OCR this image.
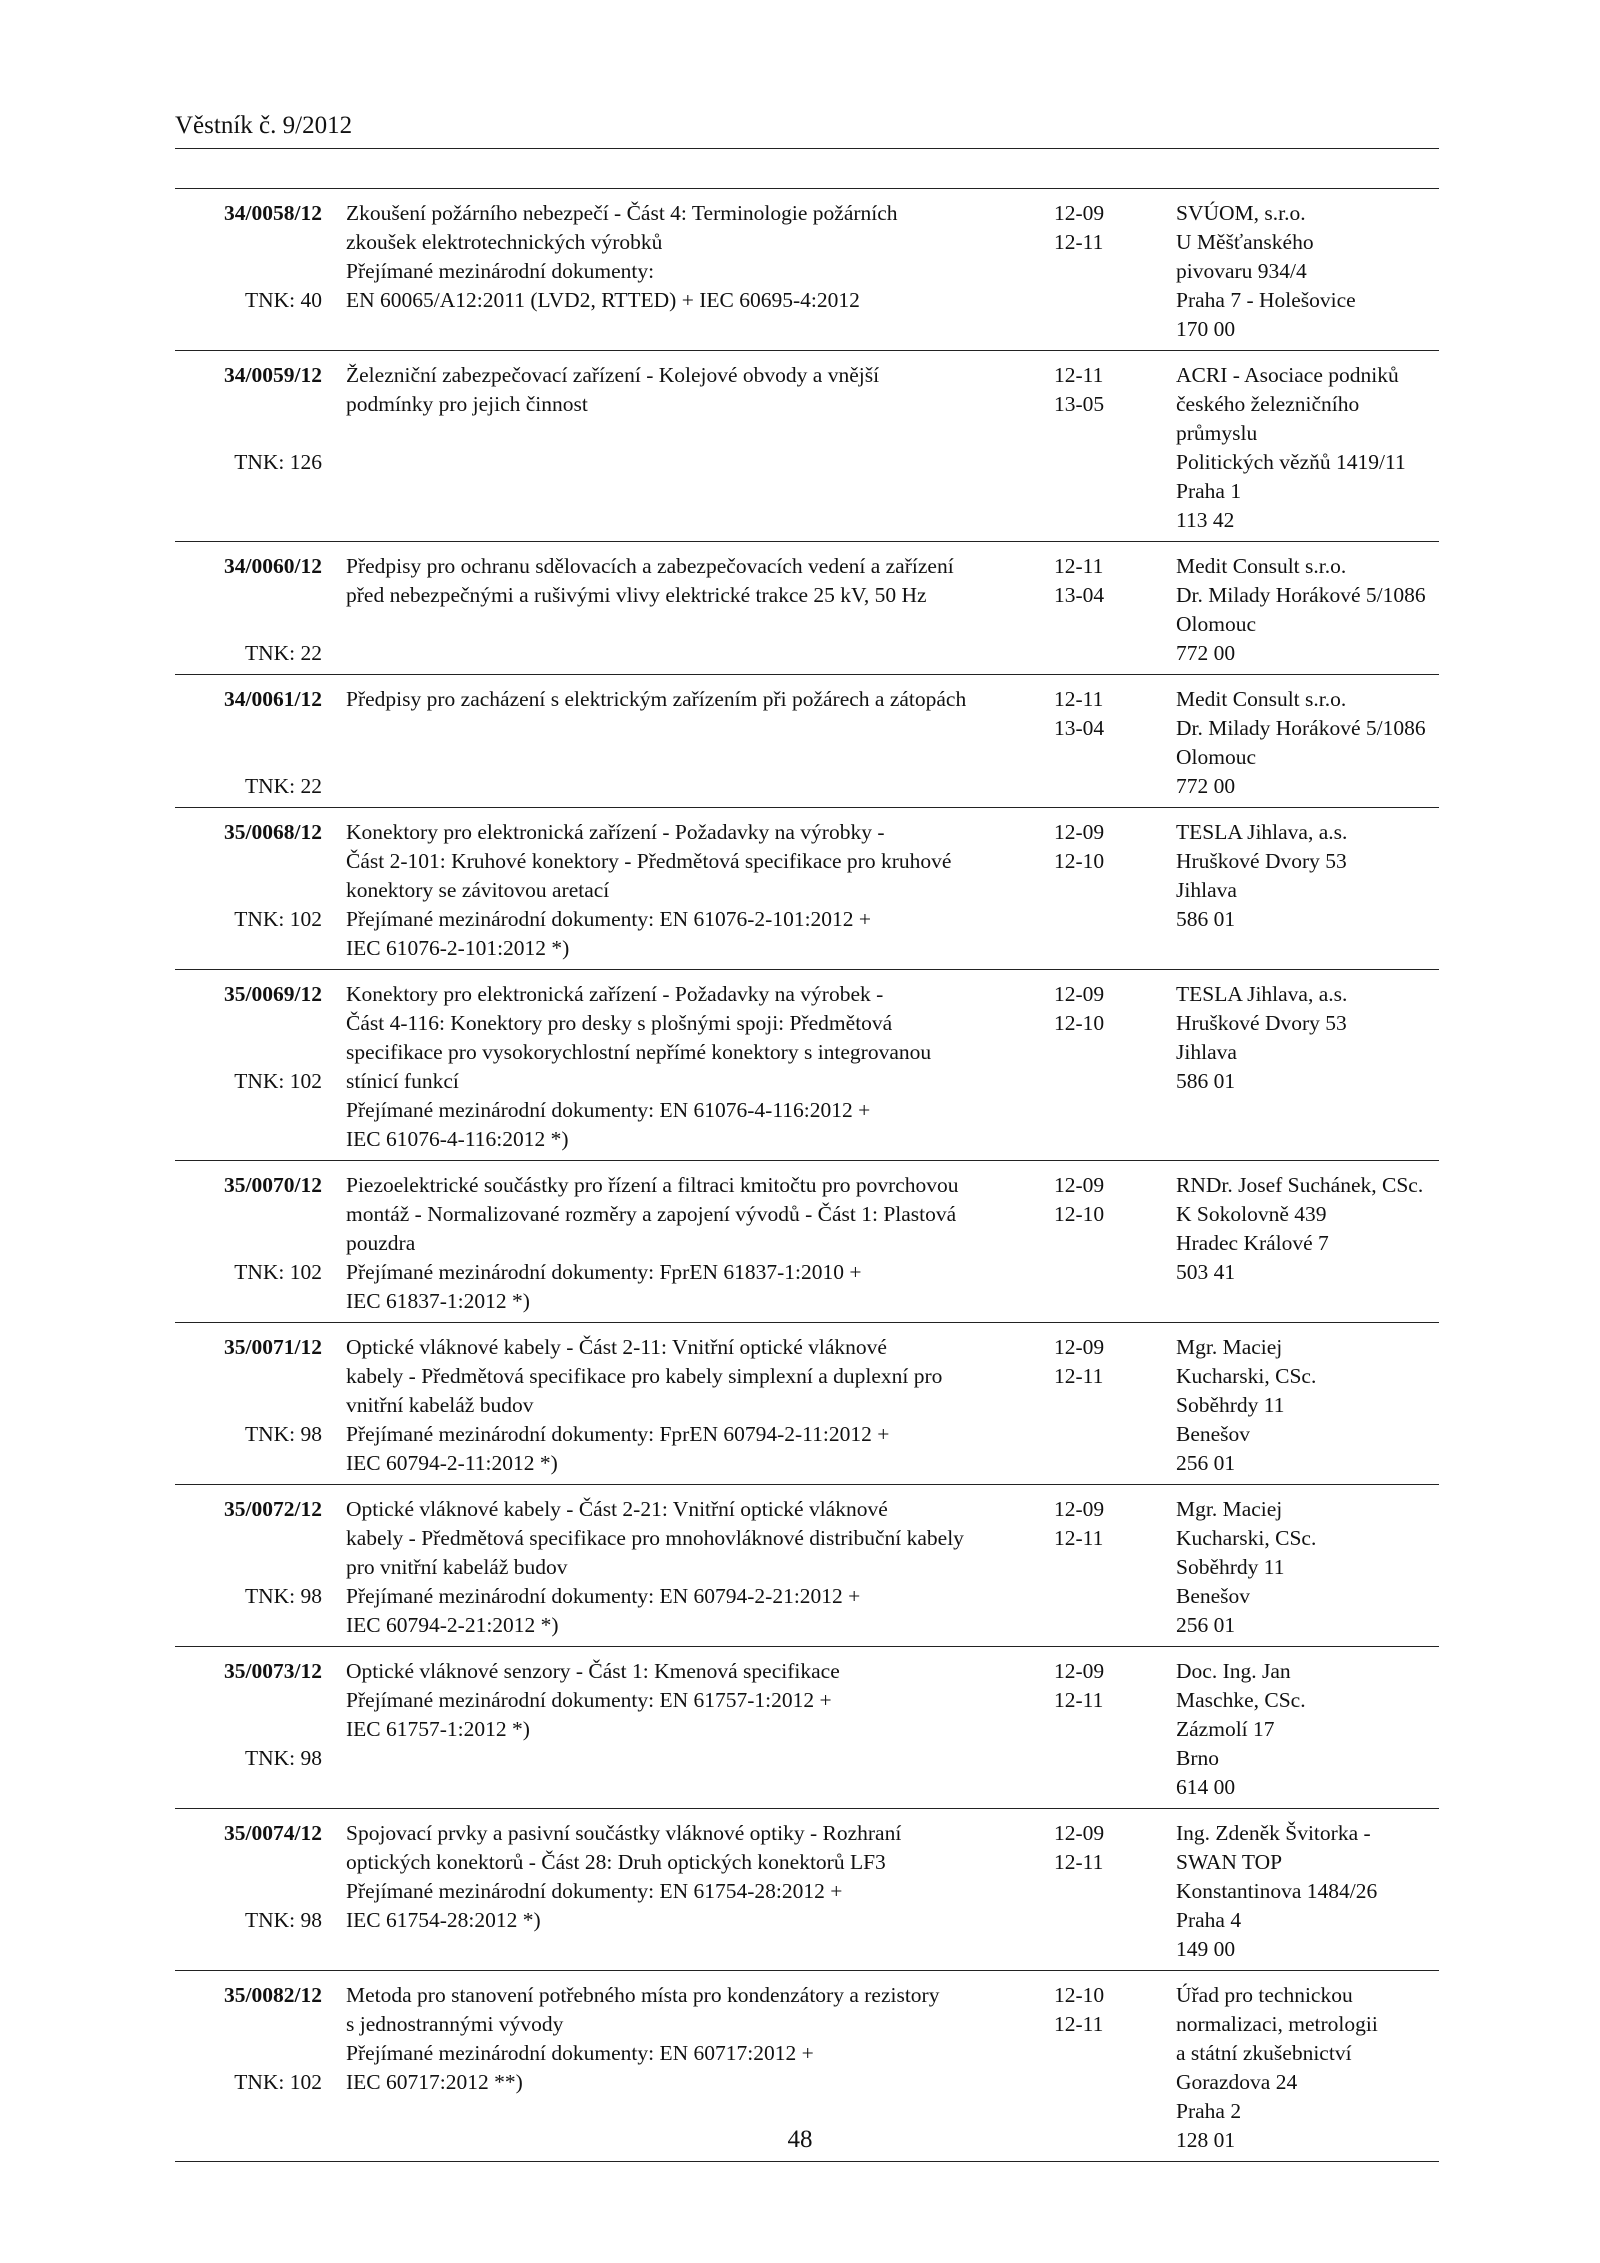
Věstník č. 9/2012
34/0058/12

TNK: 40
Zkoušení požárního nebezpečí - Část 4: Terminologie požárních
zkoušek elektrotechnických výrobků
Přejímané mezinárodní dokumenty:
EN 60065/A12:2011 (LVD2, RTTED) + IEC 60695-4:2012
12-09
12-11
SVÚOM, s.r.o.
U Měšťanského
pivovaru 934/4
Praha 7 - Holešovice
170 00
34/0059/12

TNK: 126
Železniční zabezpečovací zařízení - Kolejové obvody a vnější
podmínky pro jejich činnost
12-11
13-05
ACRI - Asociace podniků
českého železničního
průmyslu
Politických vězňů 1419/11
Praha 1
113 42
34/0060/12

TNK: 22
Předpisy pro ochranu sdělovacích a zabezpečovacích vedení a zařízení
před nebezpečnými a rušivými vlivy elektrické trakce 25 kV, 50 Hz
12-11
13-04
Medit Consult s.r.o.
Dr. Milady Horákové 5/1086
Olomouc
772 00
34/0061/12

TNK: 22
Předpisy pro zacházení s elektrickým zařízením při požárech a zátopách	12-11
13-04
Medit Consult s.r.o.
Dr. Milady Horákové 5/1086
Olomouc
772 00
35/0068/12

TNK: 102
Konektory pro elektronická zařízení - Požadavky na výrobky -
Část 2-101: Kruhové konektory - Předmětová specifikace pro kruhové
konektory se závitovou aretací
Přejímané mezinárodní dokumenty: EN 61076-2-101:2012 +
IEC 61076-2-101:2012 *)
12-09
12-10
TESLA Jihlava, a.s.
Hruškové Dvory 53
Jihlava
586 01
35/0069/12

TNK: 102
Konektory pro elektronická zařízení - Požadavky na výrobek -
Část 4-116: Konektory pro desky s plošnými spoji: Předmětová
specifikace pro vysokorychlostní nepřímé konektory s integrovanou
stínicí funkcí
Přejímané mezinárodní dokumenty: EN 61076-4-116:2012 +
IEC 61076-4-116:2012 *)
12-09
12-10
TESLA Jihlava, a.s.
Hruškové Dvory 53
Jihlava
586 01
35/0070/12

TNK: 102
Piezoelektrické součástky pro řízení a filtraci kmitočtu pro povrchovou
montáž - Normalizované rozměry a zapojení vývodů - Část 1: Plastová
pouzdra
Přejímané mezinárodní dokumenty: FprEN 61837-1:2010 +
IEC 61837-1:2012 *)
12-09
12-10
RNDr. Josef Suchánek, CSc.
K Sokolovně 439
Hradec Králové 7
503 41
35/0071/12

TNK: 98
Optické vláknové kabely - Část 2-11: Vnitřní optické vláknové
kabely - Předmětová specifikace pro kabely simplexní a duplexní pro
vnitřní kabeláž budov
Přejímané mezinárodní dokumenty: FprEN 60794-2-11:2012 +
IEC 60794-2-11:2012 *)
12-09
12-11
Mgr. Maciej
Kucharski, CSc.
Soběhrdy 11
Benešov
256 01
35/0072/12

TNK: 98
Optické vláknové kabely - Část 2-21: Vnitřní optické vláknové
kabely - Předmětová specifikace pro mnohovláknové distribuční kabely
pro vnitřní kabeláž budov
Přejímané mezinárodní dokumenty: EN 60794-2-21:2012 +
IEC 60794-2-21:2012 *)
12-09
12-11
Mgr. Maciej
Kucharski, CSc.
Soběhrdy 11
Benešov
256 01
35/0073/12

TNK: 98
Optické vláknové senzory - Část 1: Kmenová specifikace
Přejímané mezinárodní dokumenty: EN 61757-1:2012 +
IEC 61757-1:2012 *)
12-09
12-11
Doc. Ing. Jan
Maschke, CSc.
Zázmolí 17
Brno
614 00
35/0074/12

TNK: 98
Spojovací prvky a pasivní součástky vláknové optiky - Rozhraní
optických konektorů - Část 28: Druh optických konektorů LF3
Přejímané mezinárodní dokumenty: EN 61754-28:2012 +
IEC 61754-28:2012 *)
12-09
12-11
Ing. Zdeněk Švitorka -
SWAN TOP
Konstantinova 1484/26
Praha 4
149 00
35/0082/12

TNK: 102
Metoda pro stanovení potřebného místa pro kondenzátory a rezistory
s jednostrannými vývody
Přejímané mezinárodní dokumenty: EN 60717:2012 +
IEC 60717:2012 **)
12-10
12-11
Úřad pro technickou
normalizaci, metrologii
a státní zkušebnictví
Gorazdova 24
Praha 2
128 01
48
